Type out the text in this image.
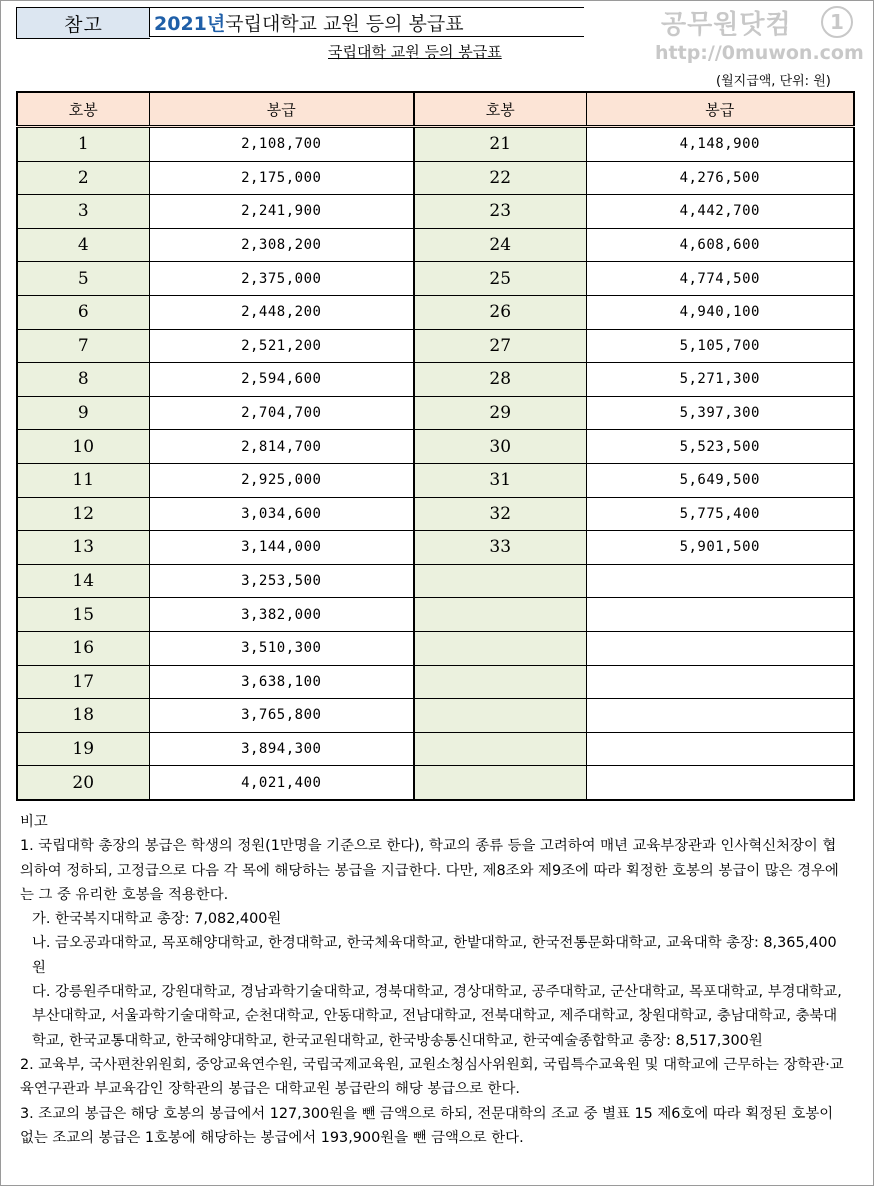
참고	2021년 국립대학교 교원 등의 봉급표	공무원닷컴	1
http://0muwon.com
국립대학 교원 등의 봉급표
(월지급액, 단위: 원)
호봉	봉급	호봉	봉급
1	2,108,700	21	4,148,900
2	2,175,000	22	4,276,500
3	2,241,900	23	4,442,700
4	2,308,200	24	4,608,600
5	2,375,000	25	4,774,500
6	2,448,200	26	4,940,100
7	2,521,200	27	5,105,700
8	2,594,600	28	5,271,300
9	2,704,700	29	5,397,300
10	2,814,700	30	5,523,500
11	2,925,000	31	5,649,500
12	3,034,600	32	5,775,400
13	3,144,000	33	5,901,500
14	3,253,500		
15	3,382,000		
16	3,510,300		
17	3,638,100		
18	3,765,800		
19	3,894,300		
20	4,021,400		

비고

1. 국립대학 총장의 봉급은 학생의 정원(1만명을 기준으로 한다), 학교의 종류 등을 고려하여 매년 교육부장관과 인사혁신처장이 협의하여 정하되, 고정급으로 다음 각 목에 해당하는 봉급을 지급한다. 다만, 제8조와 제9조에 따라 획정한 호봉의 봉급이 많은 경우에는 그 중 유리한 호봉을 적용한다.

가. 한국복지대학교 총장: 7,082,400원

나. 금오공과대학교, 목포해양대학교, 한경대학교, 한국체육대학교, 한밭대학교, 한국전통문화대학교, 교육대학 총장: 8,365,400원

다. 강릉원주대학교, 강원대학교, 경남과학기술대학교, 경북대학교, 경상대학교, 공주대학교, 군산대학교, 목포대학교, 부경대학교, 부산대학교, 서울과학기술대학교, 순천대학교, 안동대학교, 전남대학교, 전북대학교, 제주대학교, 창원대학교, 충남대학교, 충북대학교, 한국교통대학교, 한국해양대학교, 한국교원대학교, 한국방송통신대학교, 한국예술종합학교 총장: 8,517,300원

2. 교육부, 국사편찬위원회, 중앙교육연수원, 국립국제교육원, 교원소청심사위원회, 국립특수교육원 및 대학교에 근무하는 장학관·교육연구관과 부교육감인 장학관의 봉급은 대학교원 봉급란의 해당 봉급으로 한다.

3. 조교의 봉급은 해당 호봉의 봉급에서 127,300원을 뺀 금액으로 하되, 전문대학의 조교 중 별표 15 제6호에 따라 획정된 호봉이 없는 조교의 봉급은 1호봉에 해당하는 봉급에서 193,900원을 뺀 금액으로 한다.
